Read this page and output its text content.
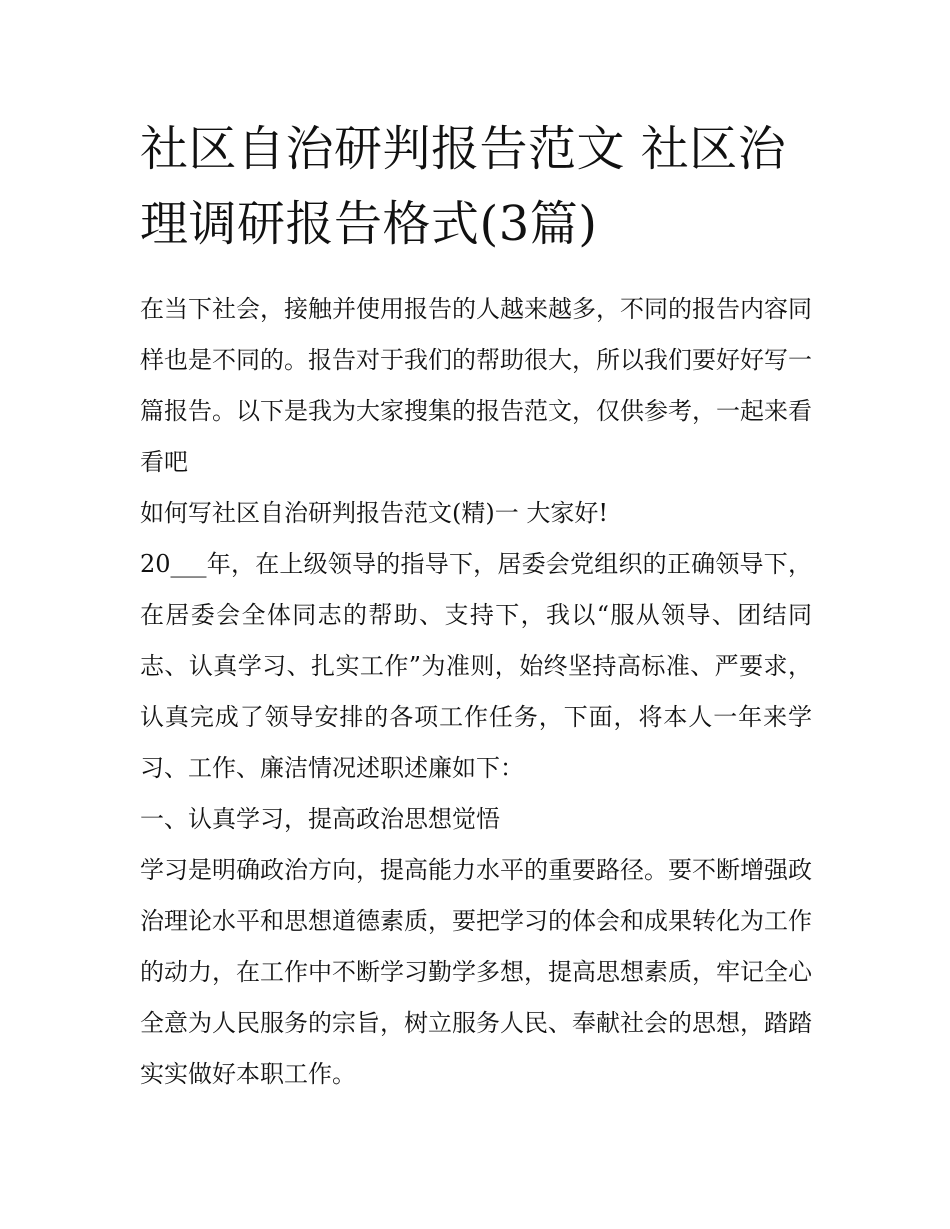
社区自治研判报告范文 社区治理调研报告格式(3篇)

在当下社会，接触并使用报告的人越来越多，不同的报告内容同样也是不同的。报告对于我们的帮助很大，所以我们要好好写一篇报告。以下是我为大家搜集的报告范文，仅供参考，一起来看看吧

如何写社区自治研判报告范文(精)一 大家好!

20___年，在上级领导的指导下，居委会党组织的正确领导下，在居委会全体同志的帮助、支持下，我以“服从领导、团结同志、认真学习、扎实工作”为准则，始终坚持高标准、严要求，认真完成了领导安排的各项工作任务，下面，将本人一年来学习、工作、廉洁情况述职述廉如下：

一、认真学习，提高政治思想觉悟

学习是明确政治方向，提高能力水平的重要路径。要不断增强政治理论水平和思想道德素质，要把学习的体会和成果转化为工作的动力，在工作中不断学习勤学多想，提高思想素质，牢记全心全意为人民服务的宗旨，树立服务人民、奉献社会的思想，踏踏实实做好本职工作。
